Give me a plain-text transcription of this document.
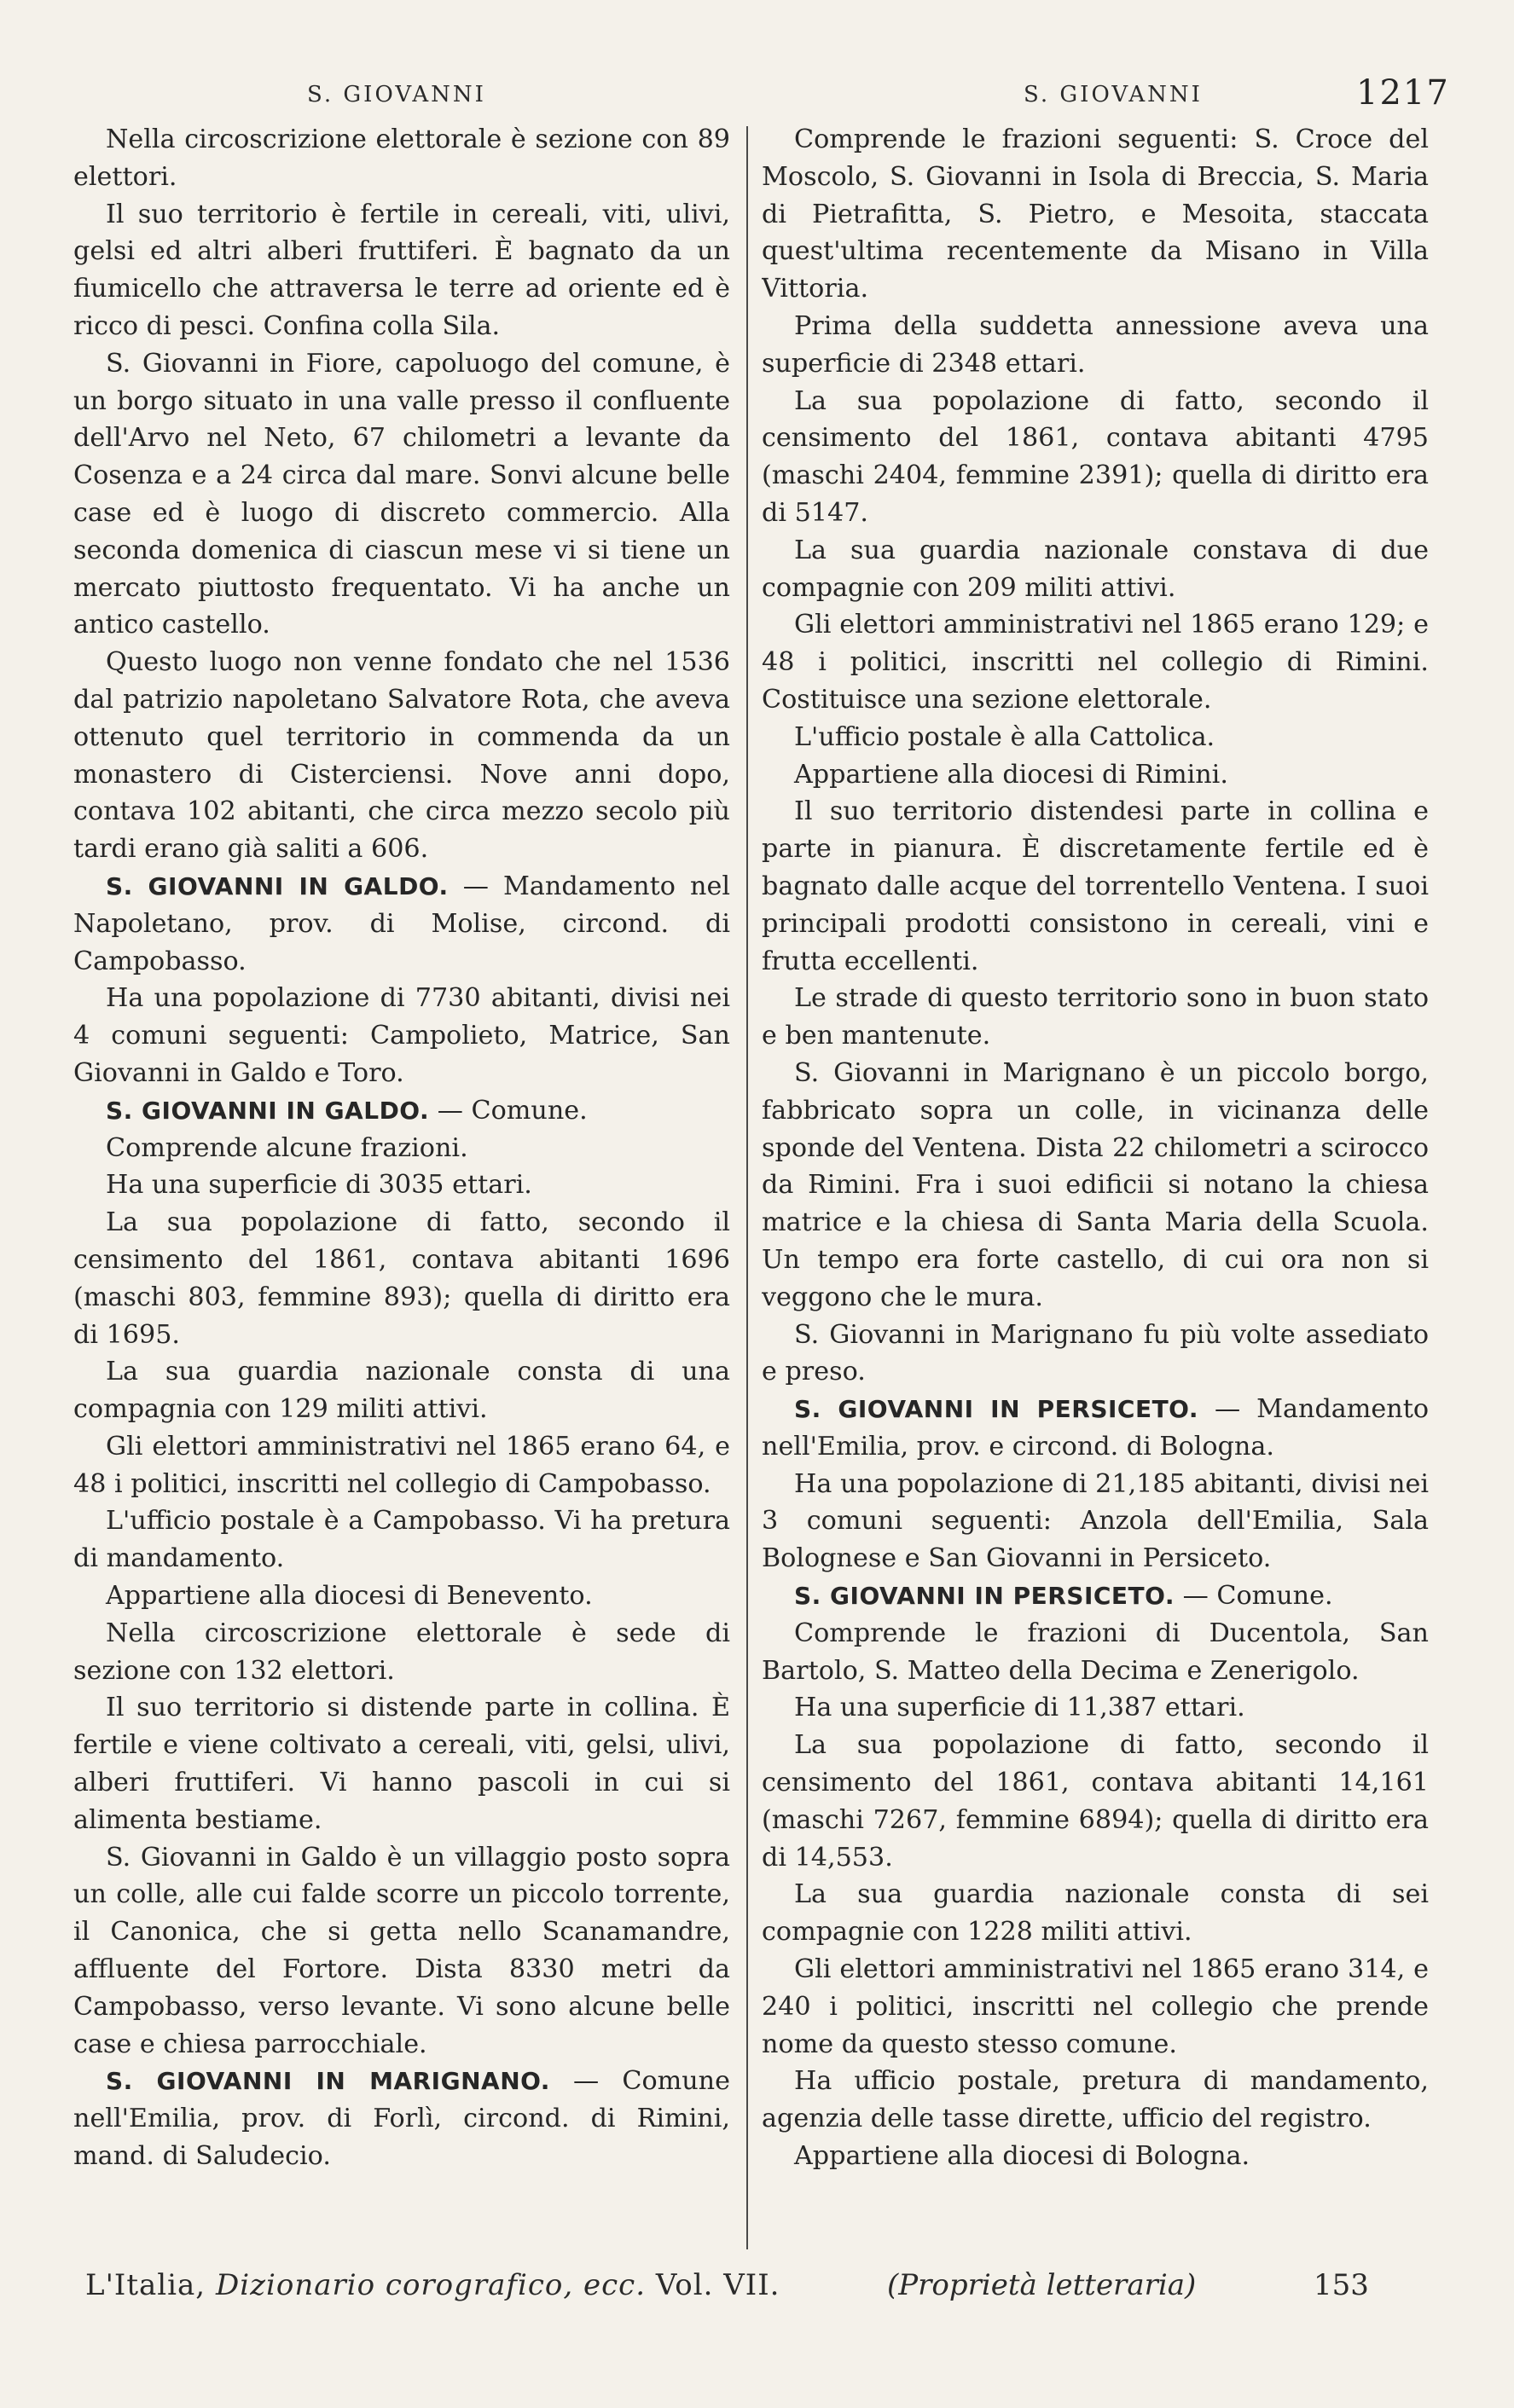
S. GIOVANNI	S. GIOVANNI	1217

Nella circoscrizione elettorale è sezione con 89 elettori.

Il suo territorio è fertile in cereali, viti, ulivi, gelsi ed altri alberi fruttiferi. È bagnato da un fiumicello che attraversa le terre ad oriente ed è ricco di pesci. Confina colla Sila.

S. Giovanni in Fiore, capoluogo del comune, è un borgo situato in una valle presso il confluente dell'Arvo nel Neto, 67 chilometri a levante da Cosenza e a 24 circa dal mare. Sonvi alcune belle case ed è luogo di discreto commercio. Alla seconda domenica di ciascun mese vi si tiene un mercato piuttosto frequentato. Vi ha anche un antico castello.

Questo luogo non venne fondato che nel 1536 dal patrizio napoletano Salvatore Rota, che aveva ottenuto quel territorio in commenda da un monastero di Cisterciensi. Nove anni dopo, contava 102 abitanti, che circa mezzo secolo più tardi erano già saliti a 606.

S. GIOVANNI IN GALDO. — Mandamento nel Napoletano, prov. di Molise, circond. di Campobasso.

Ha una popolazione di 7730 abitanti, divisi nei 4 comuni seguenti: Campolieto, Matrice, San Giovanni in Galdo e Toro.

S. GIOVANNI IN GALDO. — Comune.

Comprende alcune frazioni.

Ha una superficie di 3035 ettari.

La sua popolazione di fatto, secondo il censimento del 1861, contava abitanti 1696 (maschi 803, femmine 893); quella di diritto era di 1695.

La sua guardia nazionale consta di una compagnia con 129 militi attivi.

Gli elettori amministrativi nel 1865 erano 64, e 48 i politici, inscritti nel collegio di Campobasso.

L'ufficio postale è a Campobasso. Vi ha pretura di mandamento.

Appartiene alla diocesi di Benevento.

Nella circoscrizione elettorale è sede di sezione con 132 elettori.

Il suo territorio si distende parte in collina. È fertile e viene coltivato a cereali, viti, gelsi, ulivi, alberi fruttiferi. Vi hanno pascoli in cui si alimenta bestiame.

S. Giovanni in Galdo è un villaggio posto sopra un colle, alle cui falde scorre un piccolo torrente, il Canonica, che si getta nello Scanamandre, affluente del Fortore. Dista 8330 metri da Campobasso, verso levante. Vi sono alcune belle case e chiesa parrocchiale.

S. GIOVANNI IN MARIGNANO. — Comune nell'Emilia, prov. di Forlì, circond. di Rimini, mand. di Saludecio.

Comprende le frazioni seguenti: S. Croce del Moscolo, S. Giovanni in Isola di Breccia, S. Maria di Pietrafitta, S. Pietro, e Mesoita, staccata quest'ultima recentemente da Misano in Villa Vittoria.

Prima della suddetta annessione aveva una superficie di 2348 ettari.

La sua popolazione di fatto, secondo il censimento del 1861, contava abitanti 4795 (maschi 2404, femmine 2391); quella di diritto era di 5147.

La sua guardia nazionale constava di due compagnie con 209 militi attivi.

Gli elettori amministrativi nel 1865 erano 129; e 48 i politici, inscritti nel collegio di Rimini. Costituisce una sezione elettorale.

L'ufficio postale è alla Cattolica.

Appartiene alla diocesi di Rimini.

Il suo territorio distendesi parte in collina e parte in pianura. È discretamente fertile ed è bagnato dalle acque del torrentello Ventena. I suoi principali prodotti consistono in cereali, vini e frutta eccellenti.

Le strade di questo territorio sono in buon stato e ben mantenute.

S. Giovanni in Marignano è un piccolo borgo, fabbricato sopra un colle, in vicinanza delle sponde del Ventena. Dista 22 chilometri a scirocco da Rimini. Fra i suoi edificii si notano la chiesa matrice e la chiesa di Santa Maria della Scuola. Un tempo era forte castello, di cui ora non si veggono che le mura.

S. Giovanni in Marignano fu più volte assediato e preso.

S. GIOVANNI IN PERSICETO. — Mandamento nell'Emilia, prov. e circond. di Bologna.

Ha una popolazione di 21,185 abitanti, divisi nei 3 comuni seguenti: Anzola dell'Emilia, Sala Bolognese e San Giovanni in Persiceto.

S. GIOVANNI IN PERSICETO. — Comune.

Comprende le frazioni di Ducentola, San Bartolo, S. Matteo della Decima e Zenerigolo.

Ha una superficie di 11,387 ettari.

La sua popolazione di fatto, secondo il censimento del 1861, contava abitanti 14,161 (maschi 7267, femmine 6894); quella di diritto era di 14,553.

La sua guardia nazionale consta di sei compagnie con 1228 militi attivi.

Gli elettori amministrativi nel 1865 erano 314, e 240 i politici, inscritti nel collegio che prende nome da questo stesso comune.

Ha ufficio postale, pretura di mandamento, agenzia delle tasse dirette, ufficio del registro.

Appartiene alla diocesi di Bologna.

L'Italia, Dizionario corografico, ecc. Vol. VII.	(Proprietà letteraria)	153
